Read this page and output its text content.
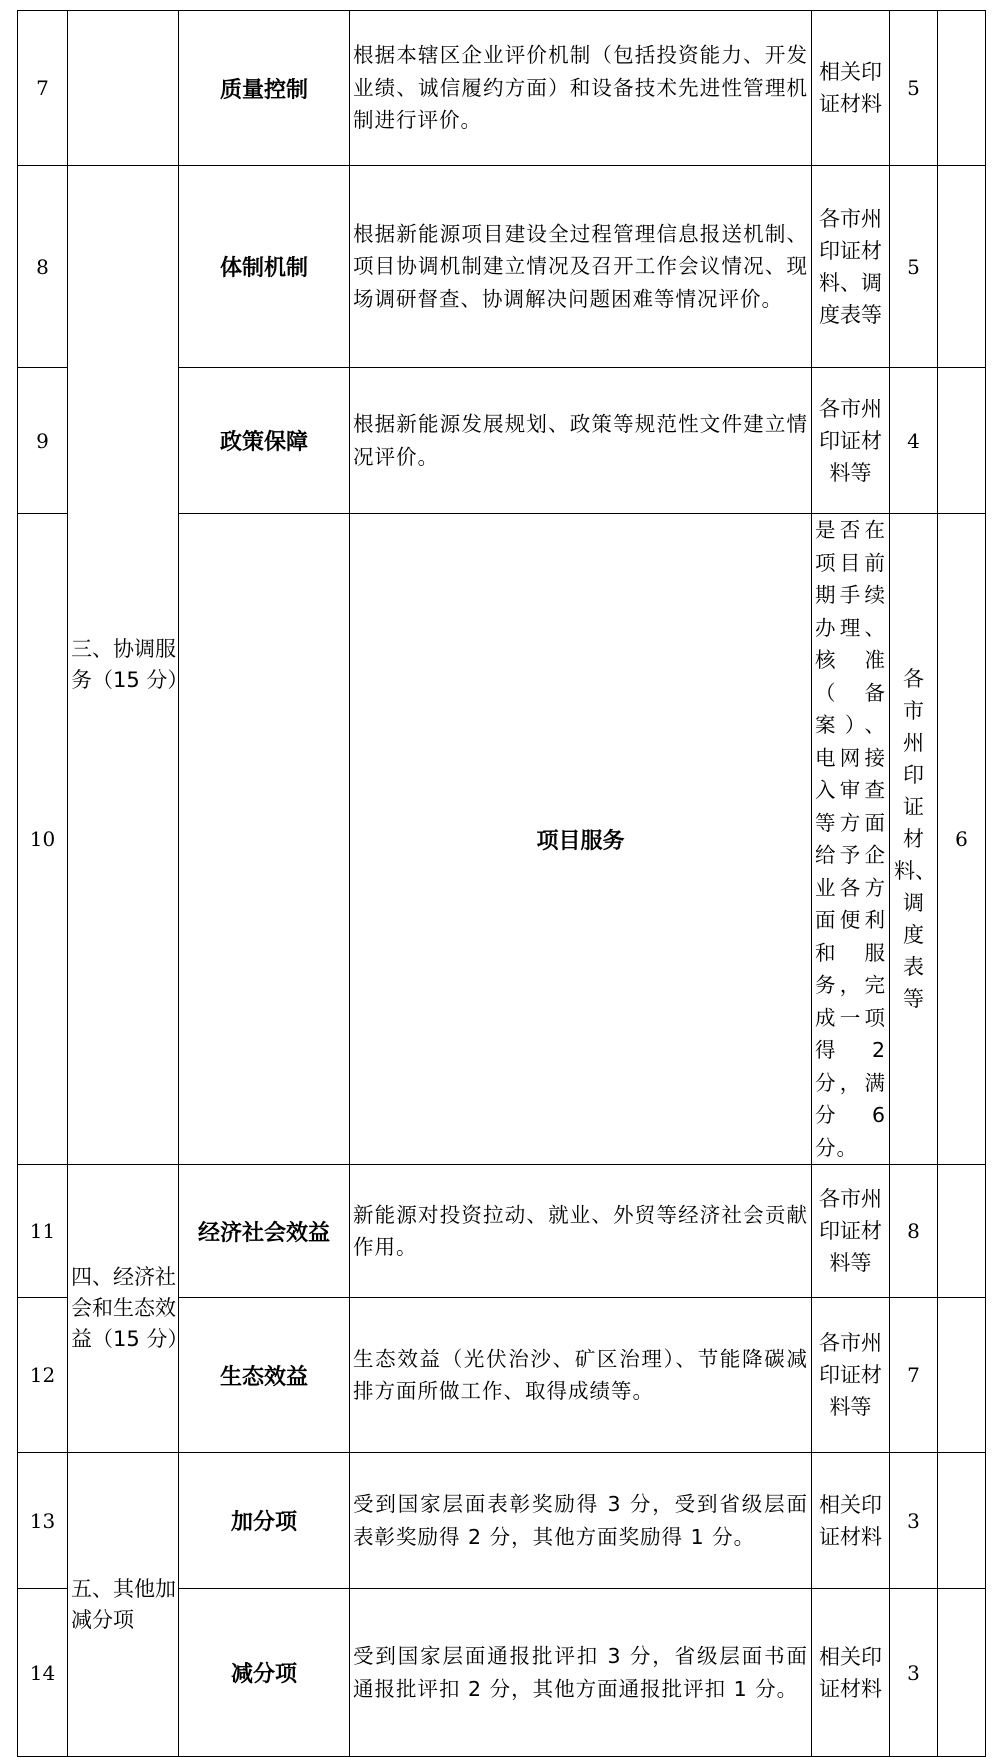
7		质量控制	根据本辖区企业评价机制（包括投资能力、开发业绩、诚信履约方面）和设备技术先进性管理机制进行评价。	相关印证材料	5		
8	三、协调服务（15 分）	体制机制	根据新能源项目建设全过程管理信息报送机制、项目协调机制建立情况及召开工作会议情况、现场调研督查、协调解决问题困难等情况评价。	各市州印证材料、调度表等	5		
9		政策保障	根据新能源发展规划、政策等规范性文件建立情况评价。	各市州印证材料等	4		
10			项目服务	是否在项目前期手续办理、核准（备案）、电网接入审查等方面给予企业各方面便利和服务，完成一项得 2 分，满分 6 分。	各市州印证材料、调度表等	6	
11	四、经济社会和生态效益（15 分）	经济社会效益	新能源对投资拉动、就业、外贸等经济社会贡献作用。	各市州印证材料等	8		
12		生态效益	生态效益（光伏治沙、矿区治理）、节能降碳减排方面所做工作、取得成绩等。	各市州印证材料等	7		
13	五、其他加减分项	加分项	受到国家层面表彰奖励得 3 分，受到省级层面表彰奖励得 2 分，其他方面奖励得 1 分。	相关印证材料	3		
14		减分项	受到国家层面通报批评扣 3 分，省级层面书面通报批评扣 2 分，其他方面通报批评扣 1 分。	相关印证材料	3		
